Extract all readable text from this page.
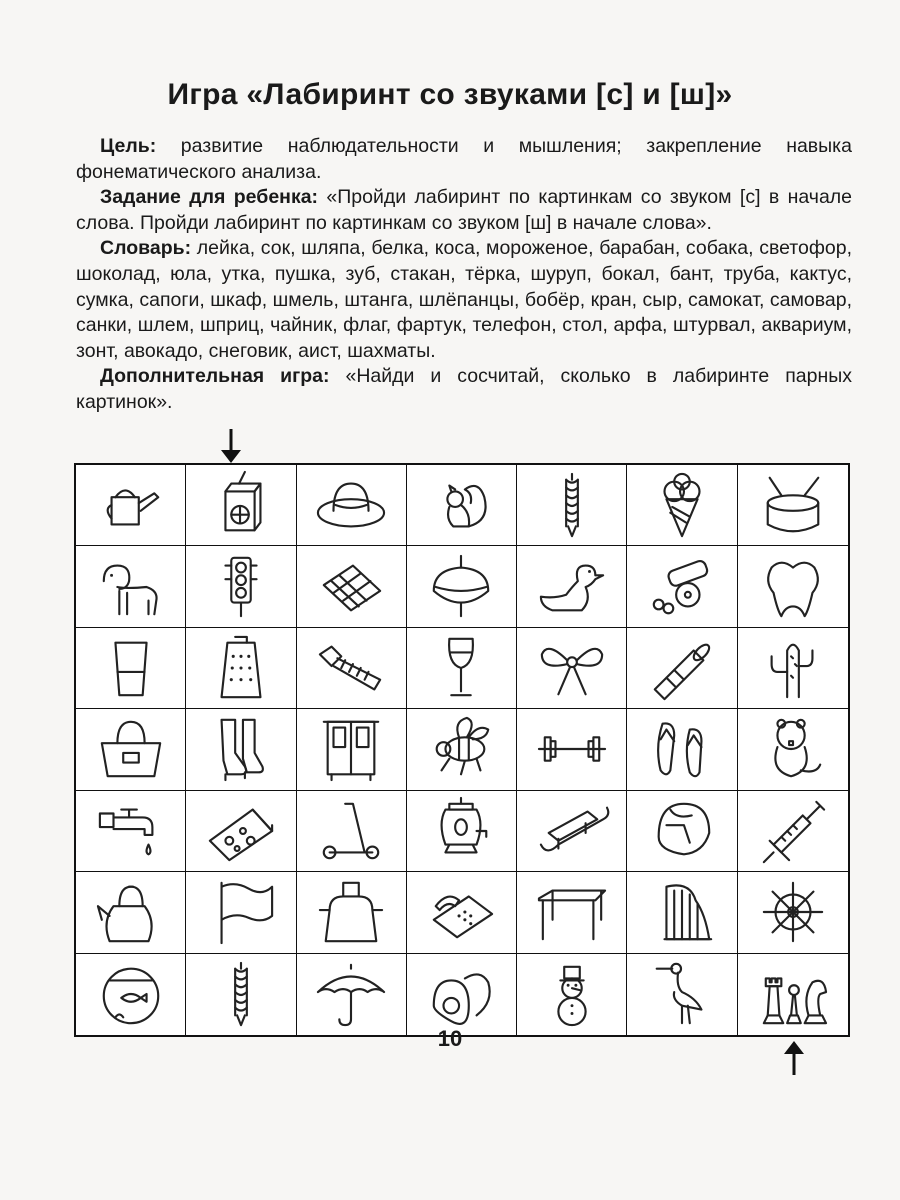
Игра «Лабиринт со звуками [с] и [ш]»

Цель: развитие наблюдательности и мышления; закрепление навыка фонематического анализа.

Задание для ребенка: «Пройди лабиринт по картинкам со звуком [с] в начале слова. Пройди лабиринт по картинкам со звуком [ш] в начале слова».

Словарь: лейка, сок, шляпа, белка, коса, мороженое, барабан, собака, светофор, шоколад, юла, утка, пушка, зуб, стакан, тёрка, шуруп, бокал, бант, труба, кактус, сумка, сапоги, шкаф, шмель, штанга, шлёпанцы, бобёр, кран, сыр, самокат, самовар, санки, шлем, шприц, чайник, флаг, фартук, телефон, стол, арфа, штурвал, аквариум, зонт, авокадо, снеговик, аист, шахматы.

Дополнительная игра: «Найди и сосчитай, сколько в лабиринте парных картинок».

10
